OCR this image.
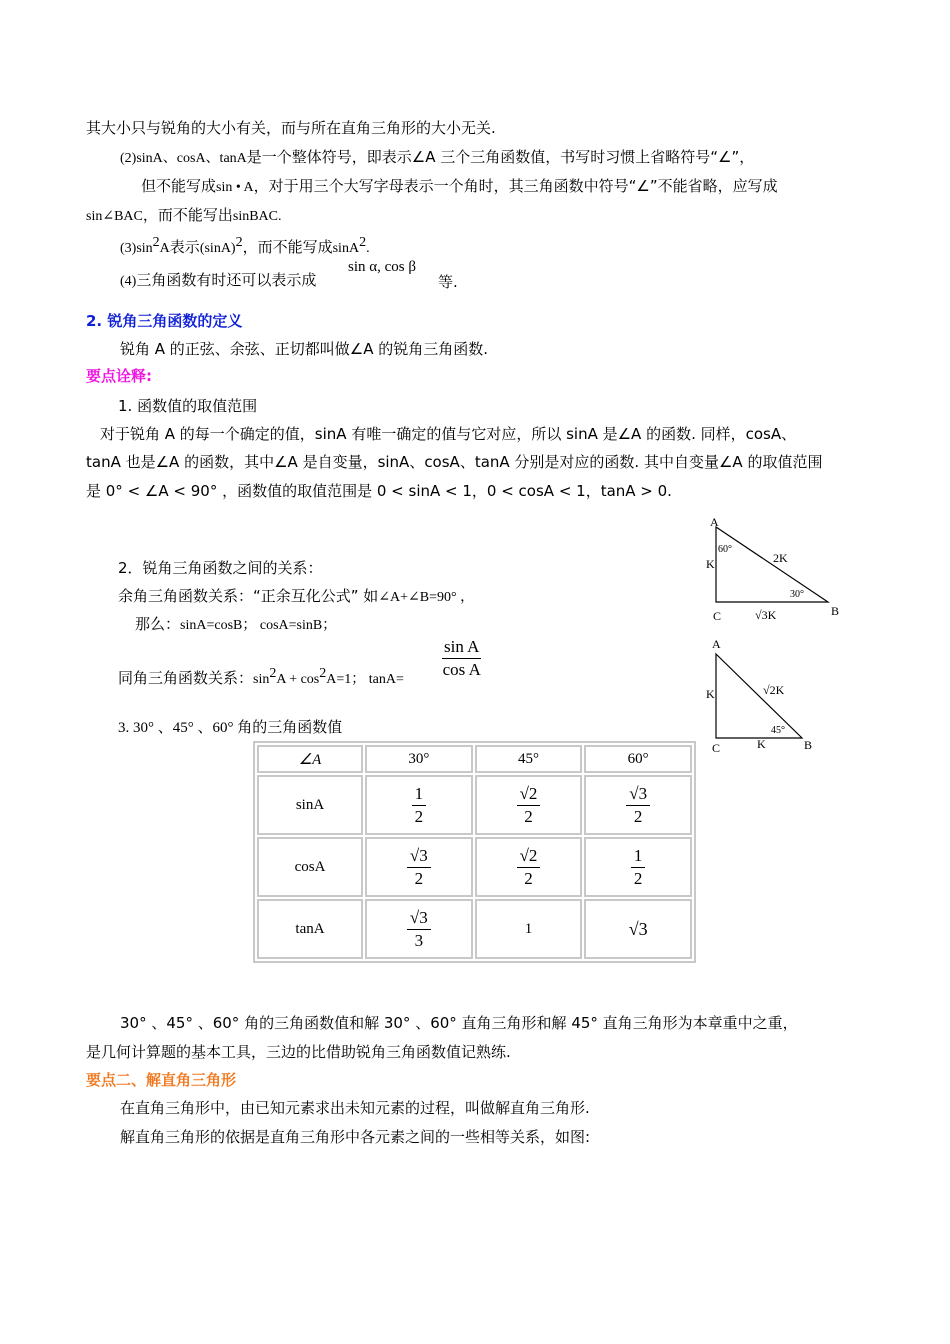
其大小只与锐角的大小有关，而与所在直角三角形的大小无关.
(2)sinA、cosA、tanA是一个整体符号，即表示∠A 三个三角函数值，书写时习惯上省略符号“∠”，
但不能写成sin • A，对于用三个大写字母表示一个角时，其三角函数中符号“∠”不能省略，应写成
sin∠BAC，而不能写出sinBAC.
$(3)\sin^2A$表示$(\sin A)^2$，而不能写成sinA$^2$.
(4)三角函数有时还可以表示成
sin α, cos β
等.
2. 锐角三角函数的定义
锐角 A 的正弦、余弦、正切都叫做∠A 的锐角三角函数.
要点诠释:
1. 函数值的取值范围
对于锐角 A 的每一个确定的值，sinA 有唯一确定的值与它对应，所以 sinA 是∠A 的函数. 同样，cosA、
tanA 也是∠A 的函数，其中∠A 是自变量，sinA、cosA、tanA 分别是对应的函数. 其中自变量∠A 的取值范围
是 0° < ∠A < 90° ，函数值的取值范围是 0 < sinA < 1，0 < cosA < 1，tanA > 0.
2．锐角三角函数之间的关系：
余角三角函数关系：“正余互化公式” 如∠A+∠B=90° ，
那么：sinA=cosB； cosA=sinB；
同角三角函数关系：$\sin^2A + \cos^2A=1$； tanA=
$\frac{\text{sin A}}{\text{cos A}}$
3. 30° 、45° 、60° 角的三角函数值
∠A	30°	45°	60°
sinA	$\frac{1}{2}$	$\frac{√2}{2}$	$\frac{√3}{2}$

cosA	$\frac{√3}{2}$	$\frac{√2}{2}$	$\frac{1}{2}$

tanA	$\frac{√3}{3}$	1	√3
A
C	B
60°
30°
K	2K
√3K
A
C	B
45°
K	√2K
K
30° 、45° 、60° 角的三角函数值和解 30° 、60° 直角三角形和解 45° 直角三角形为本章重中之重，
是几何计算题的基本工具，三边的比借助锐角三角函数值记熟练.
要点二、解直角三角形
在直角三角形中，由已知元素求出未知元素的过程，叫做解直角三角形.
解直角三角形的依据是直角三角形中各元素之间的一些相等关系，如图:
